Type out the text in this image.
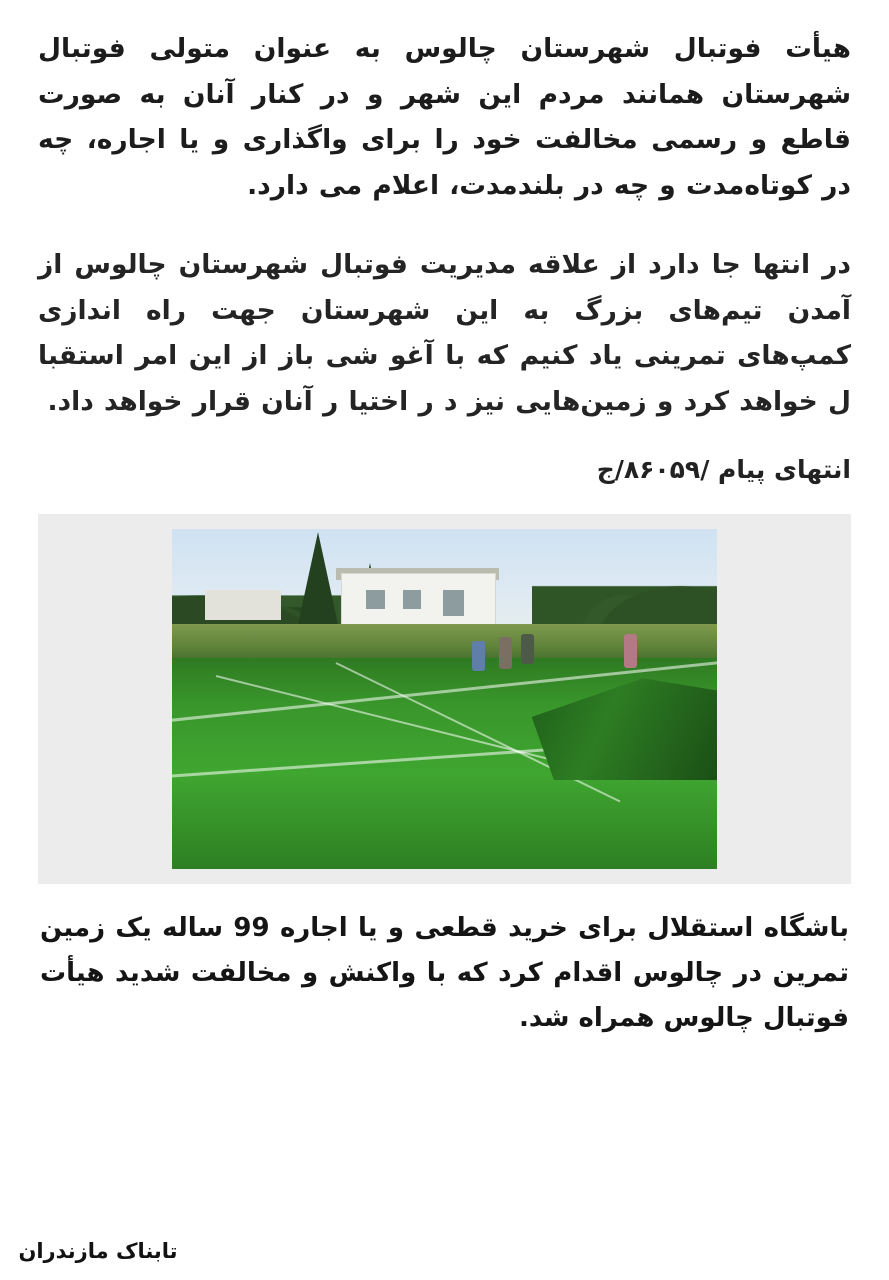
هیأت فوتبال شهرستان چالوس به عنوان متولی فوتبال شهرستان همانند مردم این شهر و در کنار آنان به صورت قاطع و رسمی مخالفت خود را برای واگذاری و یا اجاره، چه در کوتاه‌مدت و چه در بلندمدت، اعلام می دارد.

در انتها جا دارد از علاقه مدیریت فوتبال شهرستان چالوس از آمدن تیم‌های بزرگ به این شهرستان جهت راه اندازی کمپ‌های تمرینی یاد کنیم که با آغو شی باز از این امر استقبا ل خواهد کرد و زمین‌هایی نیز د ر اختیا ر آنان قرار خواهد داد.

انتهای پیام /۸۶۰۵۹/ج

باشگاه استقلال برای خرید قطعی و یا اجاره 99 ساله یک زمین تمرین در چالوس اقدام کرد که با واکنش و مخالفت شدید هیأت فوتبال چالوس همراه شد.

تابناک مازندران
